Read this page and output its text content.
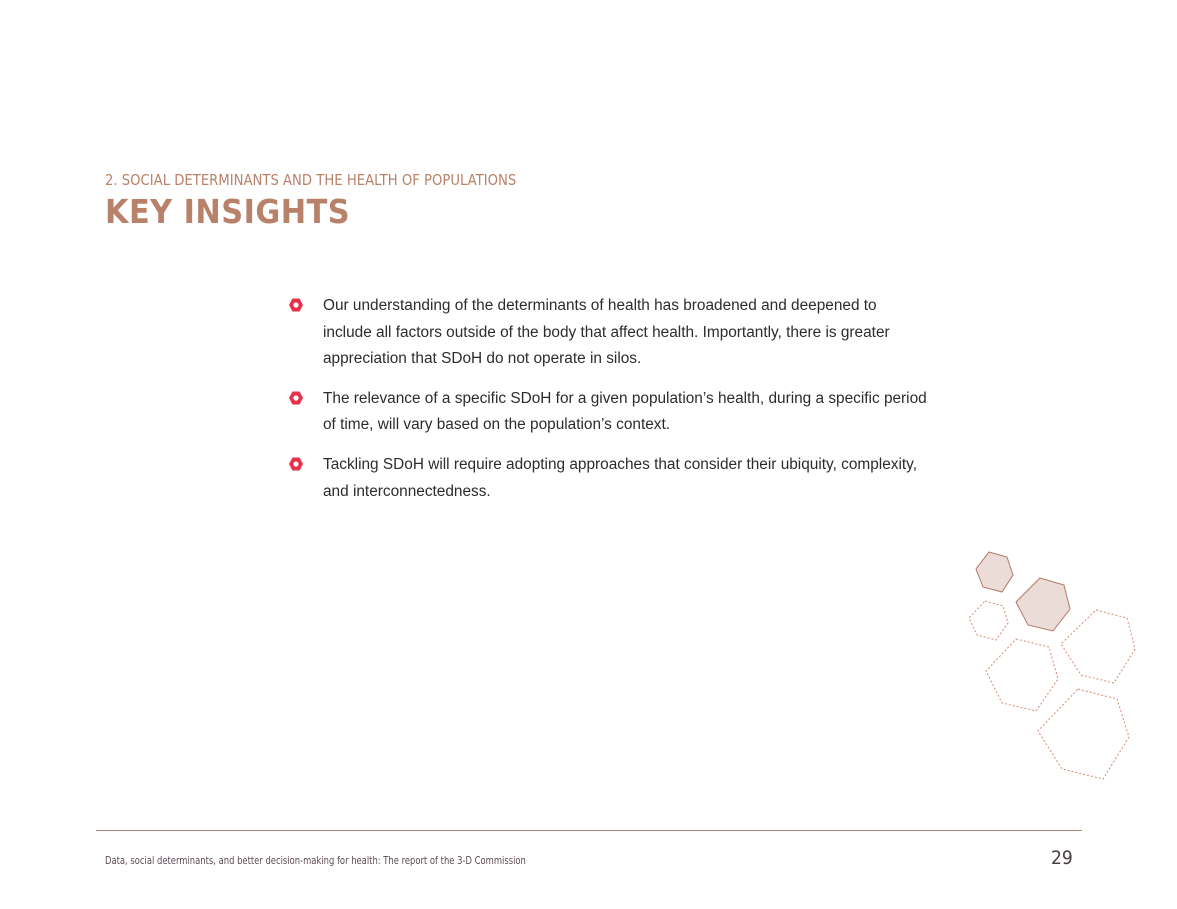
2. SOCIAL DETERMINANTS AND THE HEALTH OF POPULATIONS
KEY INSIGHTS
Our understanding of the determinants of health has broadened and deepened to include all factors outside of the body that affect health. Importantly, there is greater appreciation that SDoH do not operate in silos.
The relevance of a specific SDoH for a given population’s health, during a specific period of time, will vary based on the population’s context.
Tackling SDoH will require adopting approaches that consider their ubiquity, complexity, and interconnectedness.
Data, social determinants, and better decision-making for health: The report of the 3-D Commission	29
